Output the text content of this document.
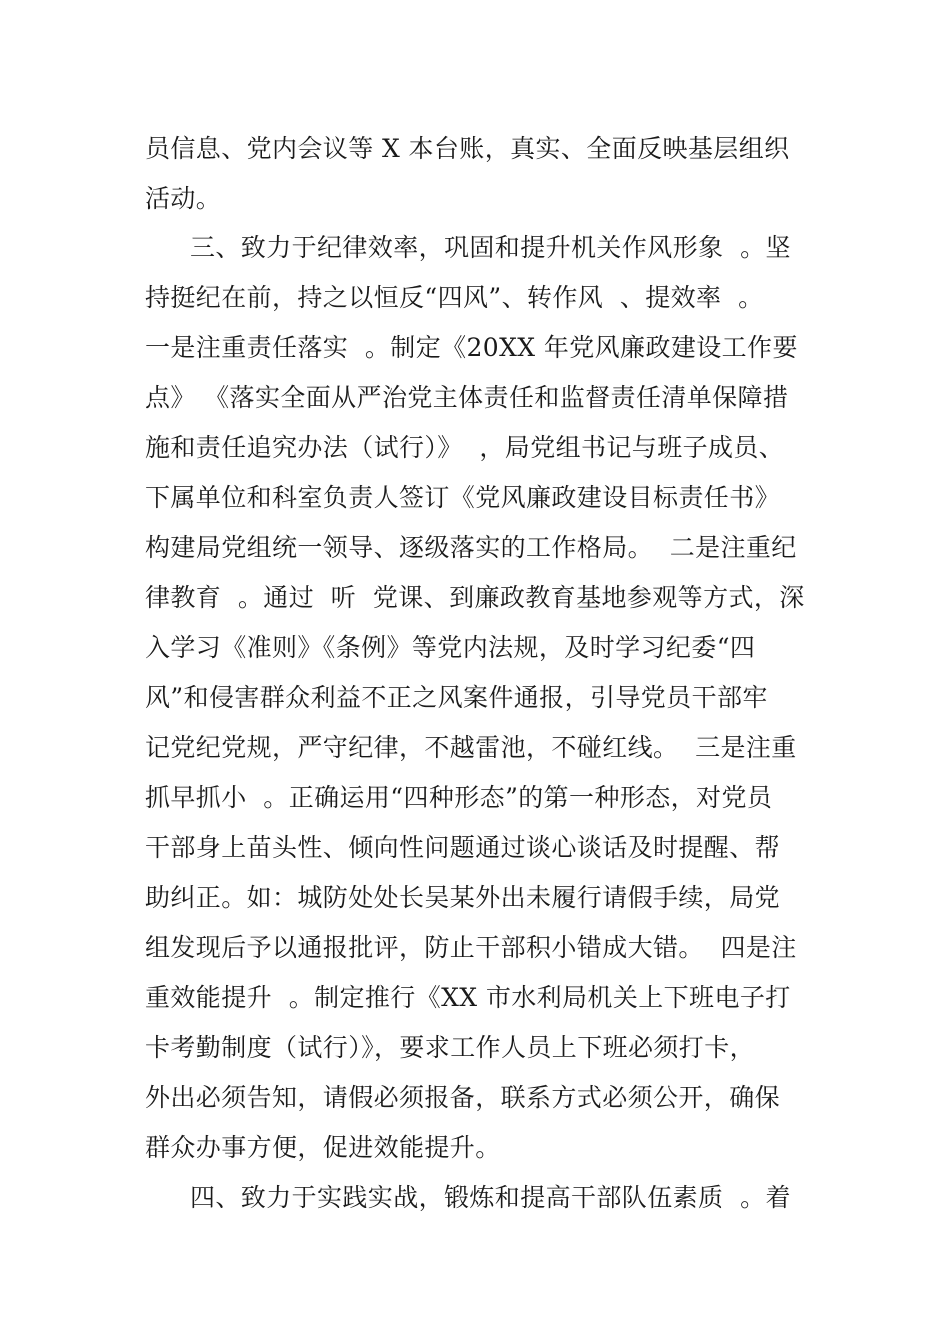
员信息、党内会议等 X 本台账，真实、全面反映基层组织
活动。
三、致力于纪律效率，巩固和提升机关作风形象  。坚
持挺纪在前，持之以恒反“四风”、转作风  、提效率  。
一是注重责任落实  。制定《20XX 年党风廉政建设工作要
点》 《落实全面从严治党主体责任和监督责任清单保障措
施和责任追究办法（试行）》  ，局党组书记与班子成员、
下属单位和科室负责人签订《党风廉政建设目标责任书》
构建局党组统一领导、逐级落实的工作格局。  二是注重纪
律教育  。通过  听  党课、到廉政教育基地参观等方式，深
入学习《准则》《条例》等党内法规，及时学习纪委“四
风”和侵害群众利益不正之风案件通报，引导党员干部牢
记党纪党规，严守纪律，不越雷池，不碰红线。  三是注重
抓早抓小  。正确运用“四种形态”的第一种形态，对党员
干部身上苗头性、倾向性问题通过谈心谈话及时提醒、帮
助纠正。如：城防处处长吴某外出未履行请假手续，局党
组发现后予以通报批评，防止干部积小错成大错。  四是注
重效能提升  。制定推行《XX 市水利局机关上下班电子打
卡考勤制度（试行）》，要求工作人员上下班必须打卡，
外出必须告知，请假必须报备，联系方式必须公开，确保
群众办事方便，促进效能提升。
四、致力于实践实战，锻炼和提高干部队伍素质  。着
